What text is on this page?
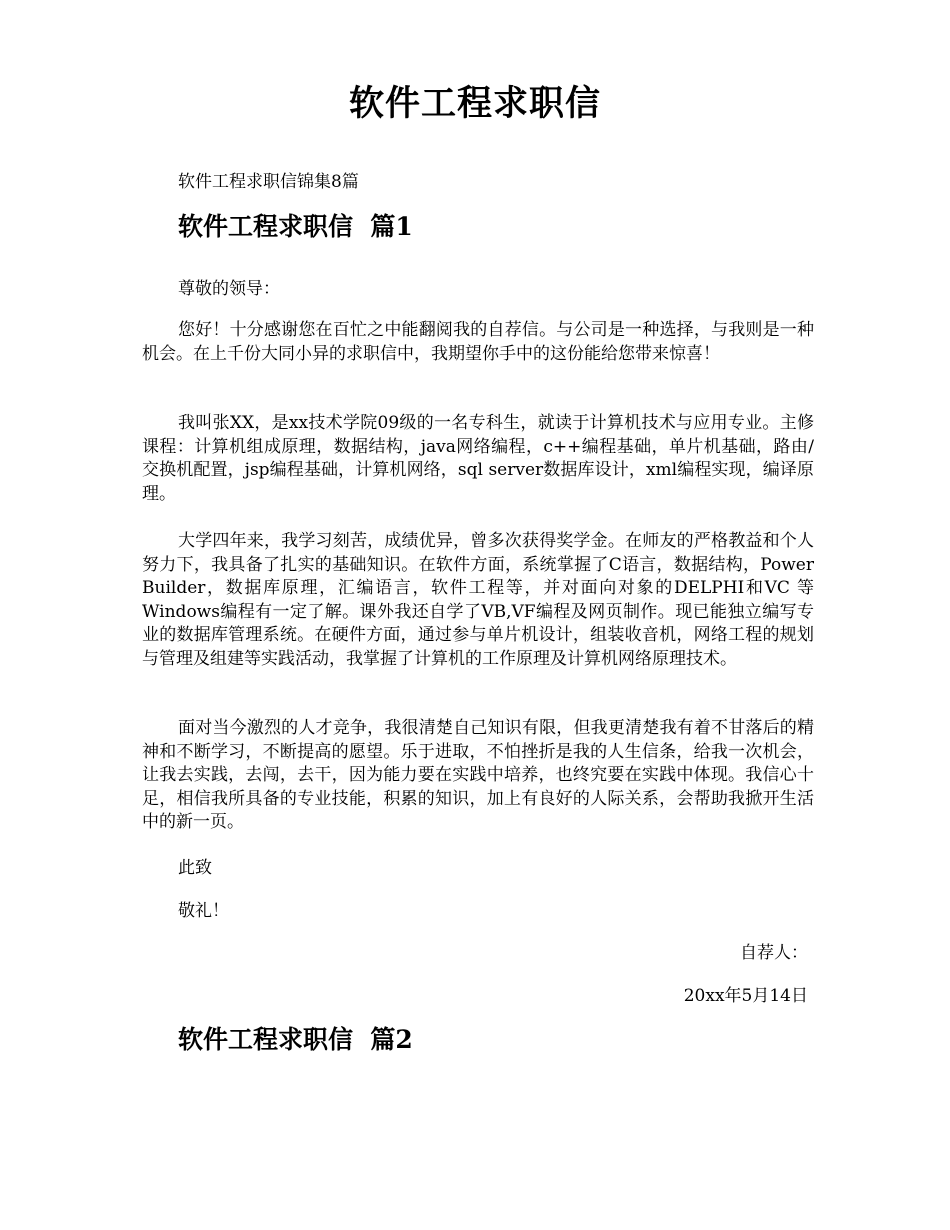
软件工程求职信

软件工程求职信锦集8篇

软件工程求职信  篇1

尊敬的领导：

您好！十分感谢您在百忙之中能翻阅我的自荐信。与公司是一种选择，与我则是一种机会。在上千份大同小异的求职信中，我期望你手中的这份能给您带来惊喜！

我叫张XX，是xx技术学院09级的一名专科生，就读于计算机技术与应用专业。主修课程：计算机组成原理，数据结构，java网络编程，c++编程基础，单片机基础，路由/交换机配置，jsp编程基础，计算机网络，sql server数据库设计，xml编程实现，编译原理。

大学四年来，我学习刻苦，成绩优异，曾多次获得奖学金。在师友的严格教益和个人努力下，我具备了扎实的基础知识。在软件方面，系统掌握了C语言，数据结构，Power Builder，数据库原理，汇编语言，软件工程等，并对面向对象的DELPHI和VC 等Windows编程有一定了解。课外我还自学了VB,VF编程及网页制作。现已能独立编写专业的数据库管理系统。在硬件方面，通过参与单片机设计，组装收音机，网络工程的规划与管理及组建等实践活动，我掌握了计算机的工作原理及计算机网络原理技术。

面对当今激烈的人才竞争，我很清楚自己知识有限，但我更清楚我有着不甘落后的精神和不断学习，不断提高的愿望。乐于进取，不怕挫折是我的人生信条，给我一次机会，让我去实践，去闯，去干，因为能力要在实践中培养，也终究要在实践中体现。我信心十足，相信我所具备的专业技能，积累的知识，加上有良好的人际关系，会帮助我掀开生活中的新一页。

此致

敬礼！

自荐人：

20xx年5月14日

软件工程求职信  篇2
